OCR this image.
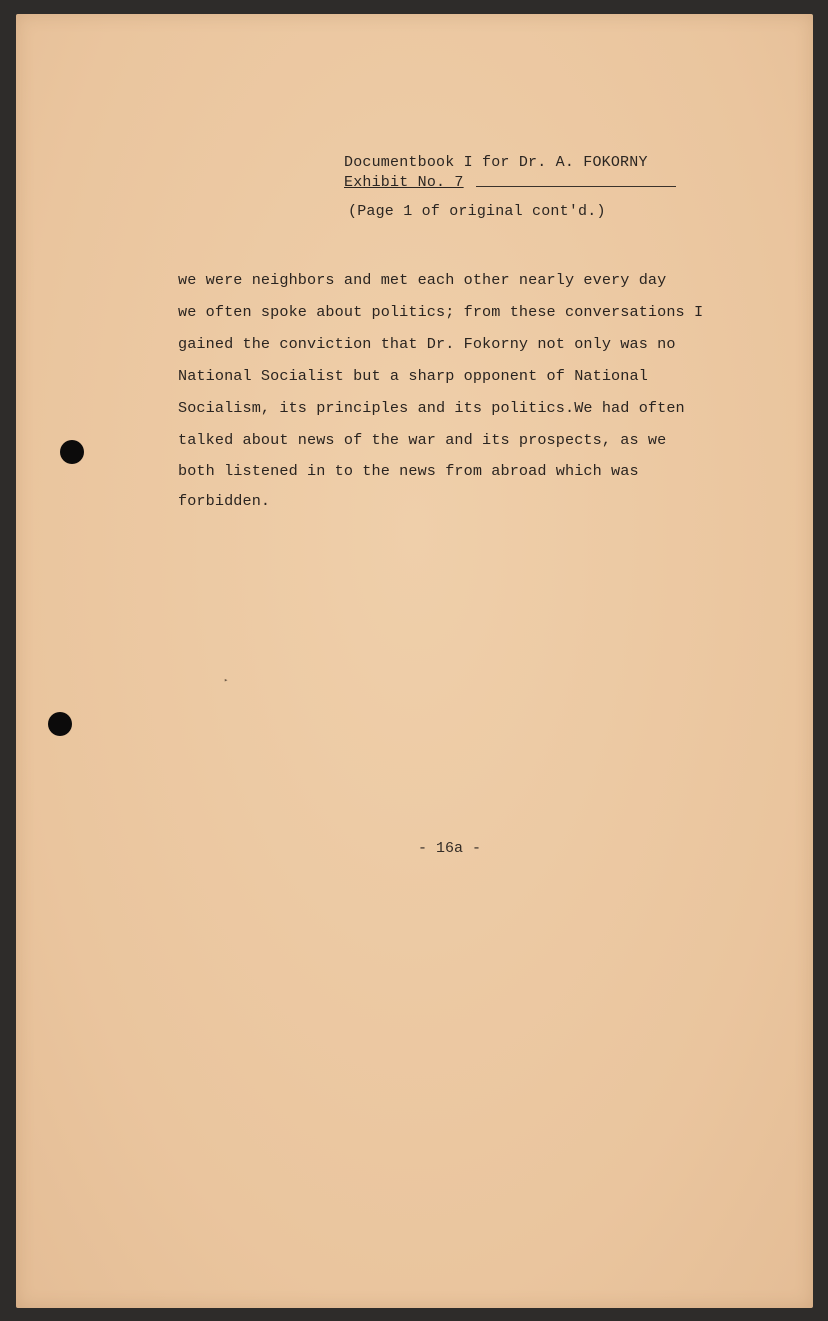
Documentbook I for Dr. A. FOKORNY
Exhibit No. 7
(Page 1 of original cont'd.)
we were neighbors and met each other nearly every day
we often spoke about politics; from these conversations I
gained the conviction that Dr. Fokorny not only was no
National Socialist but a sharp opponent of National
Socialism, its principles and its politics.We had often
talked about news of the war and its prospects, as we
both listened in to the news from abroad which was
forbidden.
▸
- 16a -
